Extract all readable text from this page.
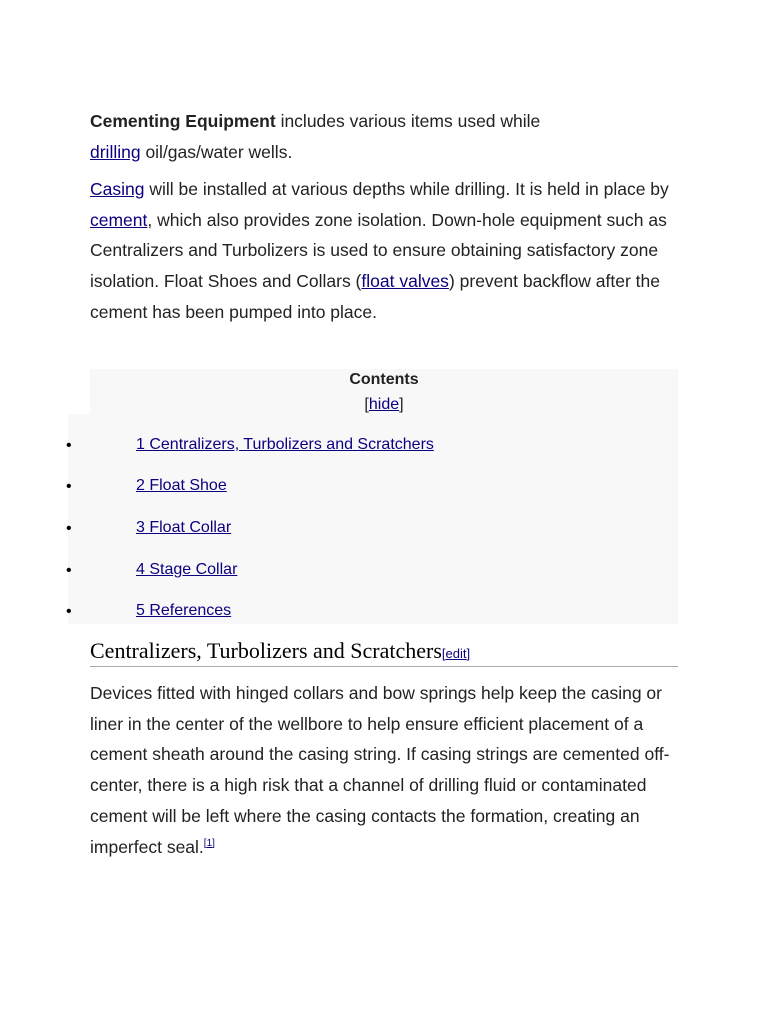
Cementing Equipment includes various items used while drilling oil/gas/water wells.

Casing will be installed at various depths while drilling. It is held in place by cement, which also provides zone isolation. Down-hole equipment such as Centralizers and Turbolizers is used to ensure obtaining satisfactory zone isolation. Float Shoes and Collars (float valves) prevent backflow after the cement has been pumped into place.

Contents
[hide]
•	1 Centralizers, Turbolizers and Scratchers
•	2 Float Shoe
•	3 Float Collar
•	4 Stage Collar
•	5 References
Centralizers, Turbolizers and Scratchers[edit]

Devices fitted with hinged collars and bow springs help keep the casing or liner in the center of the wellbore to help ensure efficient placement of a cement sheath around the casing string. If casing strings are cemented off-center, there is a high risk that a channel of drilling fluid or contaminated cement will be left where the casing contacts the formation, creating an imperfect seal.[1]
